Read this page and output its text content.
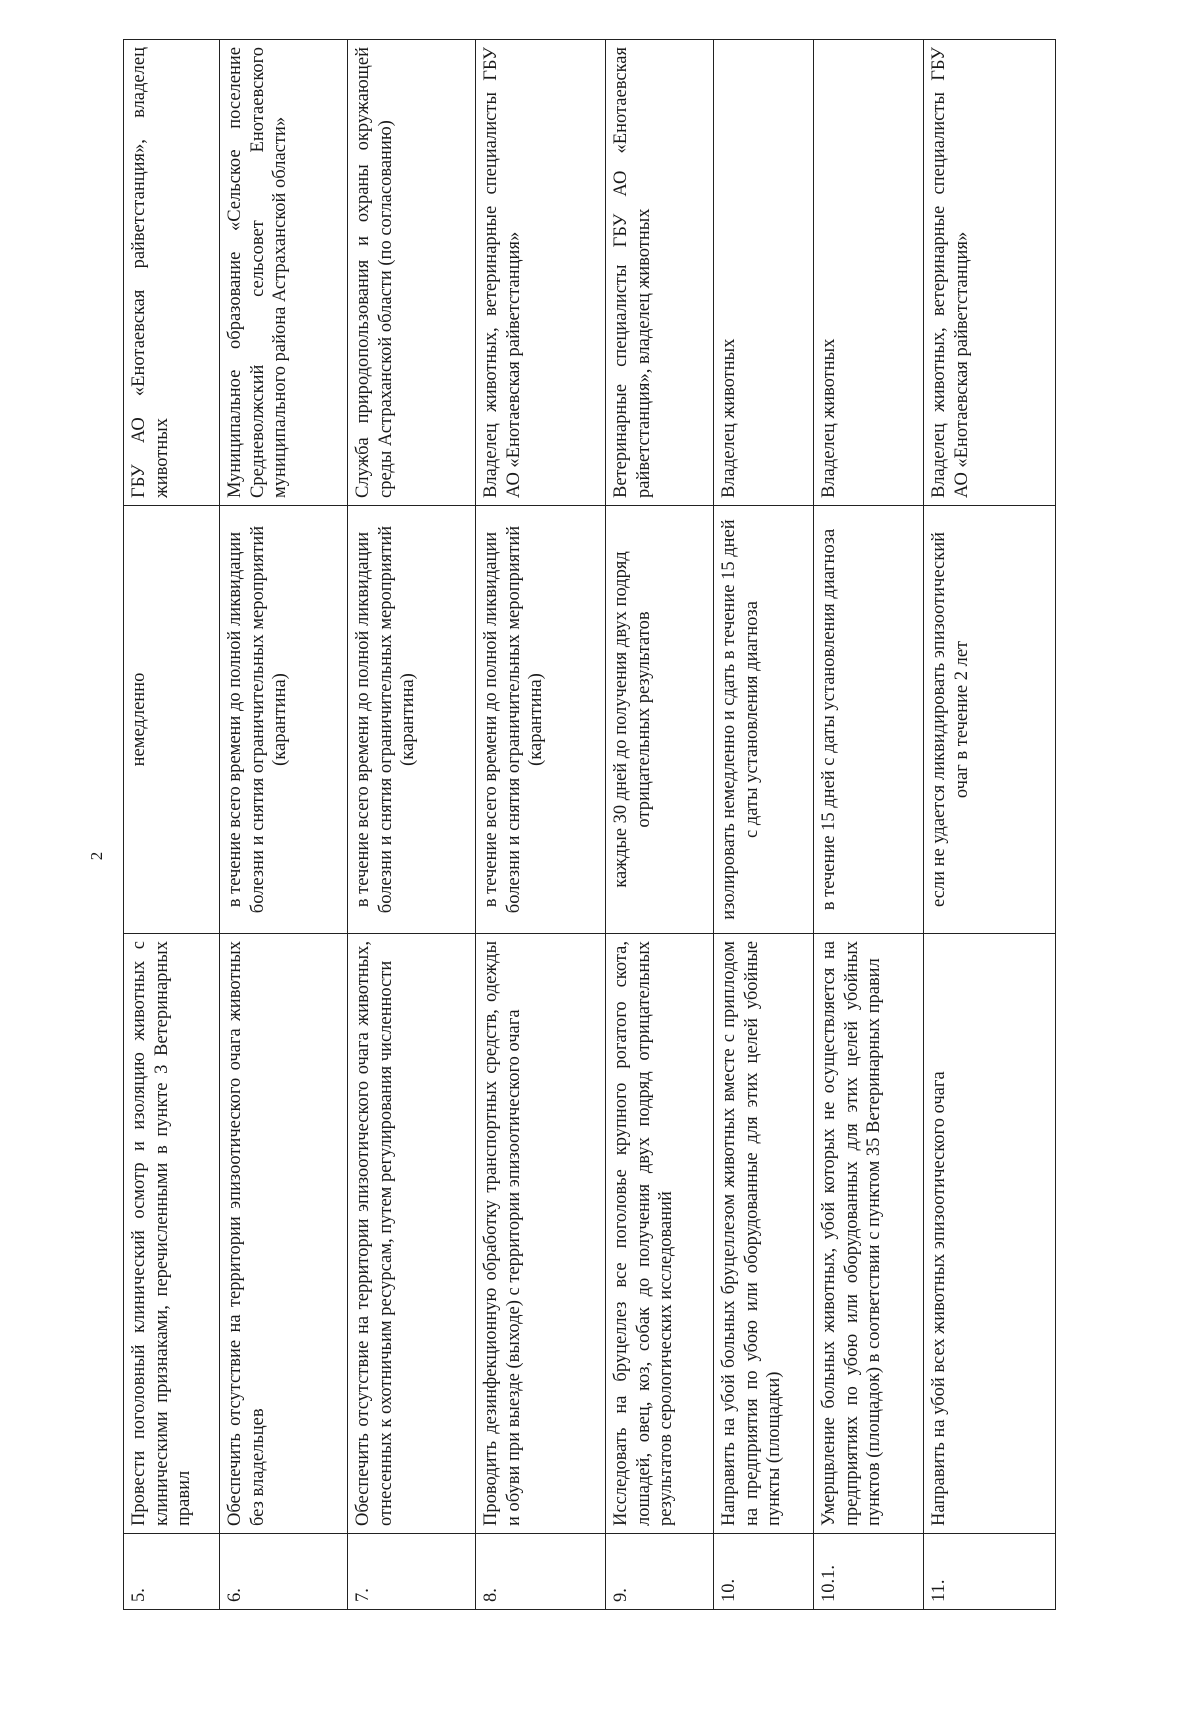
2
5.	Провести поголовный клинический осмотр и изоляцию животных с клиническими признаками, перечисленными в пункте 3 Ветеринарных правил	немедленно	ГБУ АО «Енотаевская райветстанция», владелец животных
6.	Обеспечить отсутствие на территории эпизоотического очага животных без владельцев	в течение всего времени до полной ликвидации болезни и снятия ограничительных мероприятий (карантина)	Муниципальное образование «Сельское поселение Средневолжский сельсовет Енотаевского муниципального района Астраханской области»
7.	Обеспечить отсутствие на территории эпизоотического очага животных, отнесенных к охотничьим ресурсам, путем регулирования численности	в течение всего времени до полной ликвидации болезни и снятия ограничительных мероприятий (карантина)	Служба природопользования и охраны окружающей среды Астраханской области (по согласованию)
8.	Проводить дезинфекционную обработку транспортных средств, одежды и обуви при выезде (выходе) с территории эпизоотического очага	в течение всего времени до полной ликвидации болезни и снятия ограничительных мероприятий (карантина)	Владелец животных, ветеринарные специалисты ГБУ АО «Енотаевская райветстанция»
9.	Исследовать на бруцеллез все поголовье крупного рогатого скота, лошадей, овец, коз, собак до получения двух подряд отрицательных результатов серологических исследований	каждые 30 дней до получения двух подряд отрицательных результатов	Ветеринарные специалисты ГБУ АО «Енотаевская райветстанция», владелец животных
10.	Направить на убой больных бруцеллезом животных вместе с приплодом на предприятия по убою или оборудованные для этих целей убойные пункты (площадки)	изолировать немедленно и сдать в течение 15 дней с даты установления диагноза	Владелец животных
10.1.	Умерщвление больных животных, убой которых не осуществляется на предприятиях по убою или оборудованных для этих целей убойных пунктов (площадок) в соответствии с пунктом 35 Ветеринарных правил	в течение 15 дней с даты установления диагноза	Владелец животных
11.	Направить на убой всех животных эпизоотического очага	если не удается ликвидировать эпизоотический очаг в течение 2 лет	Владелец животных, ветеринарные специалисты ГБУ АО «Енотаевская райветстанция»
